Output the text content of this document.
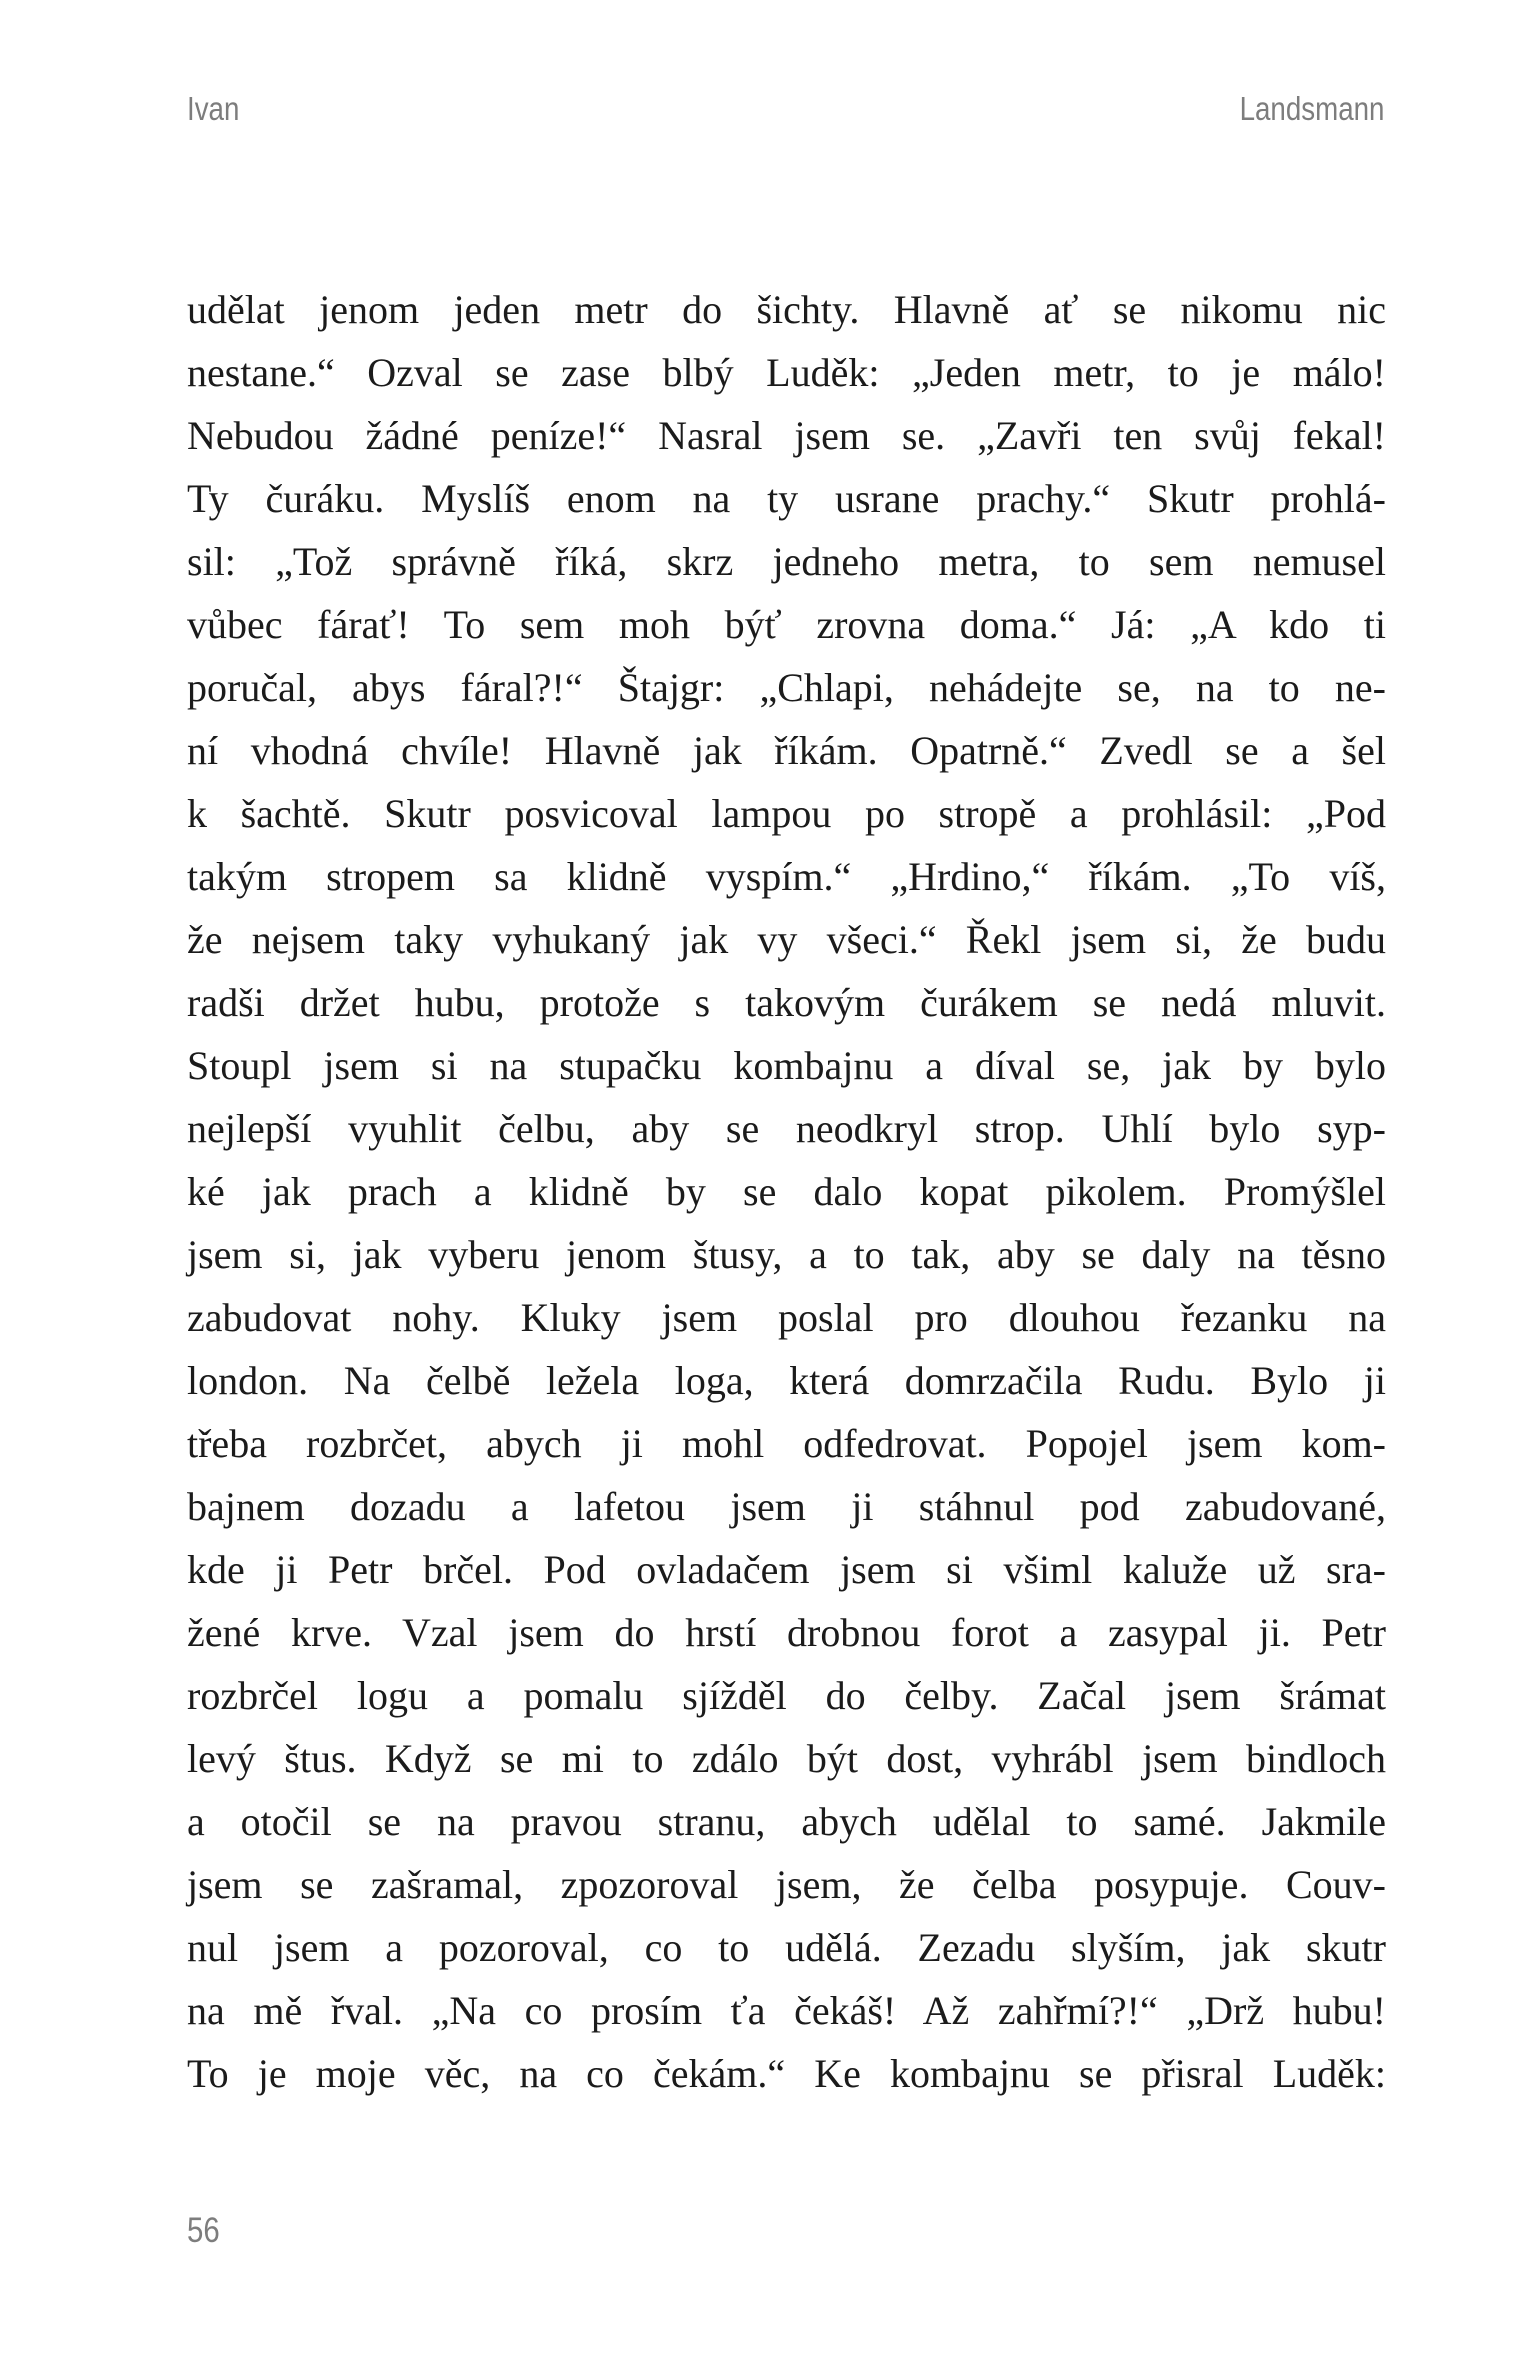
Ivan	Landsmann
udělat jenom jeden metr do šichty. Hlavně ať se nikomu nic
nestane.“ Ozval se zase blbý Luděk: „Jeden metr, to je málo!
Nebudou žádné peníze!“ Nasral jsem se. „Zavři ten svůj fekal!
Ty čuráku. Myslíš enom na ty usrane prachy.“ Skutr prohlá-
sil: „Tož správně říká, skrz jedneho metra, to sem nemusel
vůbec fárať! To sem moh býť zrovna doma.“ Já: „A kdo ti
poručal, abys fáral?!“ Štajgr: „Chlapi, nehádejte se, na to ne-
ní vhodná chvíle! Hlavně jak říkám. Opatrně.“ Zvedl se a šel
k šachtě. Skutr posvicoval lampou po stropě a prohlásil: „Pod
takým stropem sa klidně vyspím.“ „Hrdino,“ říkám. „To víš,
že nejsem taky vyhukaný jak vy všeci.“ Řekl jsem si, že budu
radši držet hubu, protože s takovým čurákem se nedá mluvit.
Stoupl jsem si na stupačku kombajnu a díval se, jak by bylo
nejlepší vyuhlit čelbu, aby se neodkryl strop. Uhlí bylo syp-
ké jak prach a klidně by se dalo kopat pikolem. Promýšlel
jsem si, jak vyberu jenom štusy, a to tak, aby se daly na těsno
zabudovat nohy. Kluky jsem poslal pro dlouhou řezanku na
london. Na čelbě ležela loga, která domrzačila Rudu. Bylo ji
třeba rozbrčet, abych ji mohl odfedrovat. Popojel jsem kom-
bajnem dozadu a lafetou jsem ji stáhnul pod zabudované,
kde ji Petr brčel. Pod ovladačem jsem si všiml kaluže už sra-
žené krve. Vzal jsem do hrstí drobnou forot a zasypal ji. Petr
rozbrčel logu a pomalu sjížděl do čelby. Začal jsem šrámat
levý štus. Když se mi to zdálo být dost, vyhrábl jsem bindloch
a otočil se na pravou stranu, abych udělal to samé. Jakmile
jsem se zašramal, zpozoroval jsem, že čelba posypuje. Couv-
nul jsem a pozoroval, co to udělá. Zezadu slyším, jak skutr
na mě řval. „Na co prosím ťa čekáš! Až zahřmí?!“ „Drž hubu!
To je moje věc, na co čekám.“ Ke kombajnu se přisral Luděk:
56
